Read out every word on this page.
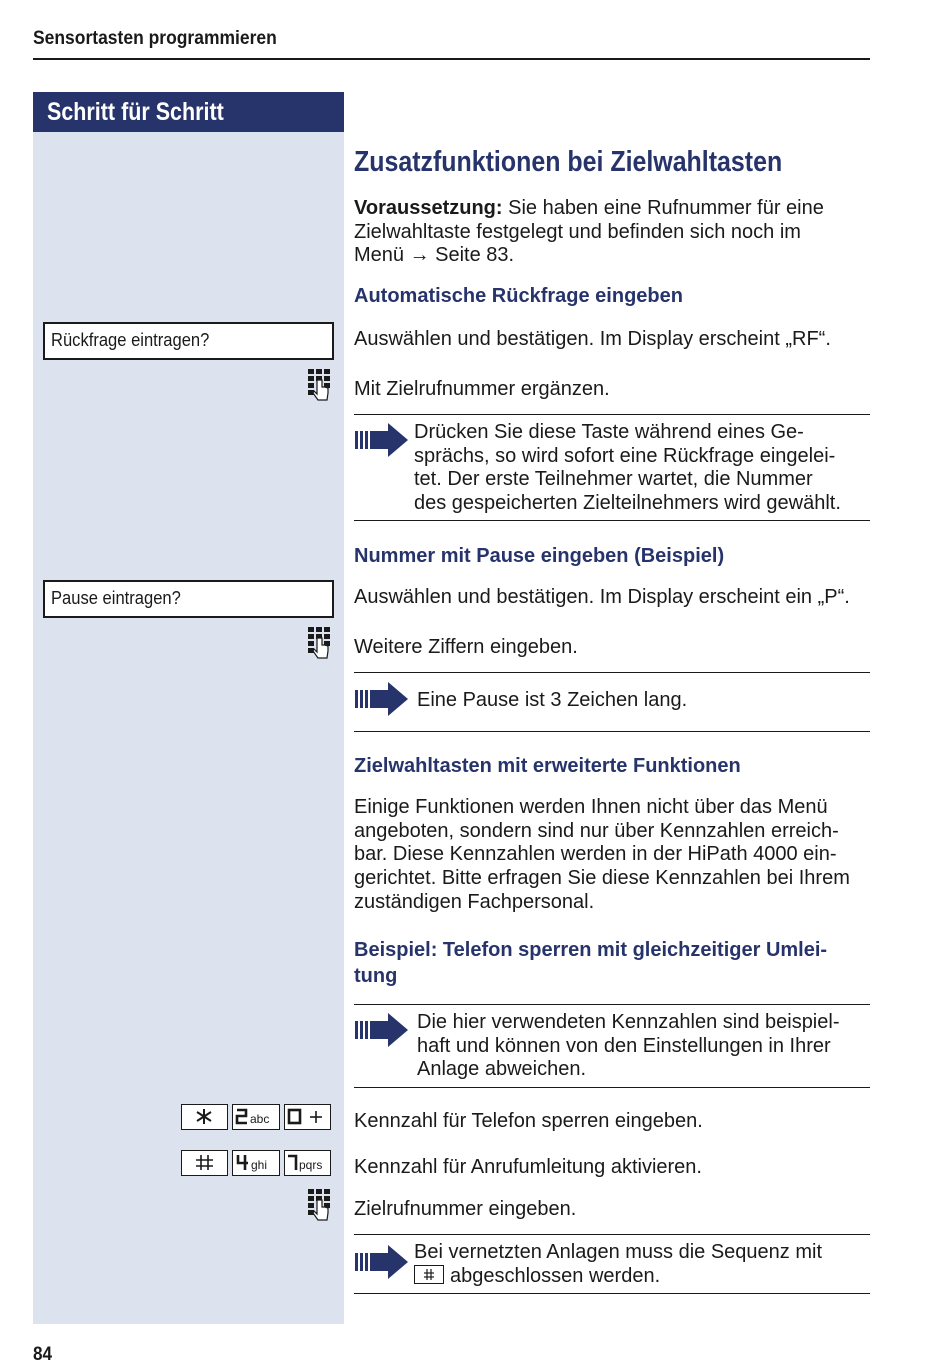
Sensortasten programmieren
Schritt für Schritt
Rückfrage eintragen?
Pause eintragen?
abc
ghi	pqrs
Zusatzfunktionen bei Zielwahltasten
Voraussetzung: Sie haben eine Rufnummer für eine
Zielwahltaste festgelegt und befinden sich noch im
Menü → Seite 83.
Automatische Rückfrage eingeben
Auswählen und bestätigen. Im Display erscheint „RF“.
Mit Zielrufnummer ergänzen.
Drücken Sie diese Taste während eines Ge-
sprächs, so wird sofort eine Rückfrage eingelei-
tet. Der erste Teilnehmer wartet, die Nummer
des gespeicherten Zielteilnehmers wird gewählt.
Nummer mit Pause eingeben (Beispiel)
Auswählen und bestätigen. Im Display erscheint ein „P“.
Weitere Ziffern eingeben.
Eine Pause ist 3 Zeichen lang.
Zielwahltasten mit erweiterte Funktionen
Einige Funktionen werden Ihnen nicht über das Menü
angeboten, sondern sind nur über Kennzahlen erreich-
bar. Diese Kennzahlen werden in der HiPath 4000 ein-
gerichtet. Bitte erfragen Sie diese Kennzahlen bei Ihrem
zuständigen Fachpersonal.
Beispiel: Telefon sperren mit gleichzeitiger Umlei-
tung
Die hier verwendeten Kennzahlen sind beispiel-
haft und können von den Einstellungen in Ihrer
Anlage abweichen.
Kennzahl für Telefon sperren eingeben.
Kennzahl für Anrufumleitung aktivieren.
Zielrufnummer eingeben.
Bei vernetzten Anlagen muss die Sequenz mit
abgeschlossen werden.
84
